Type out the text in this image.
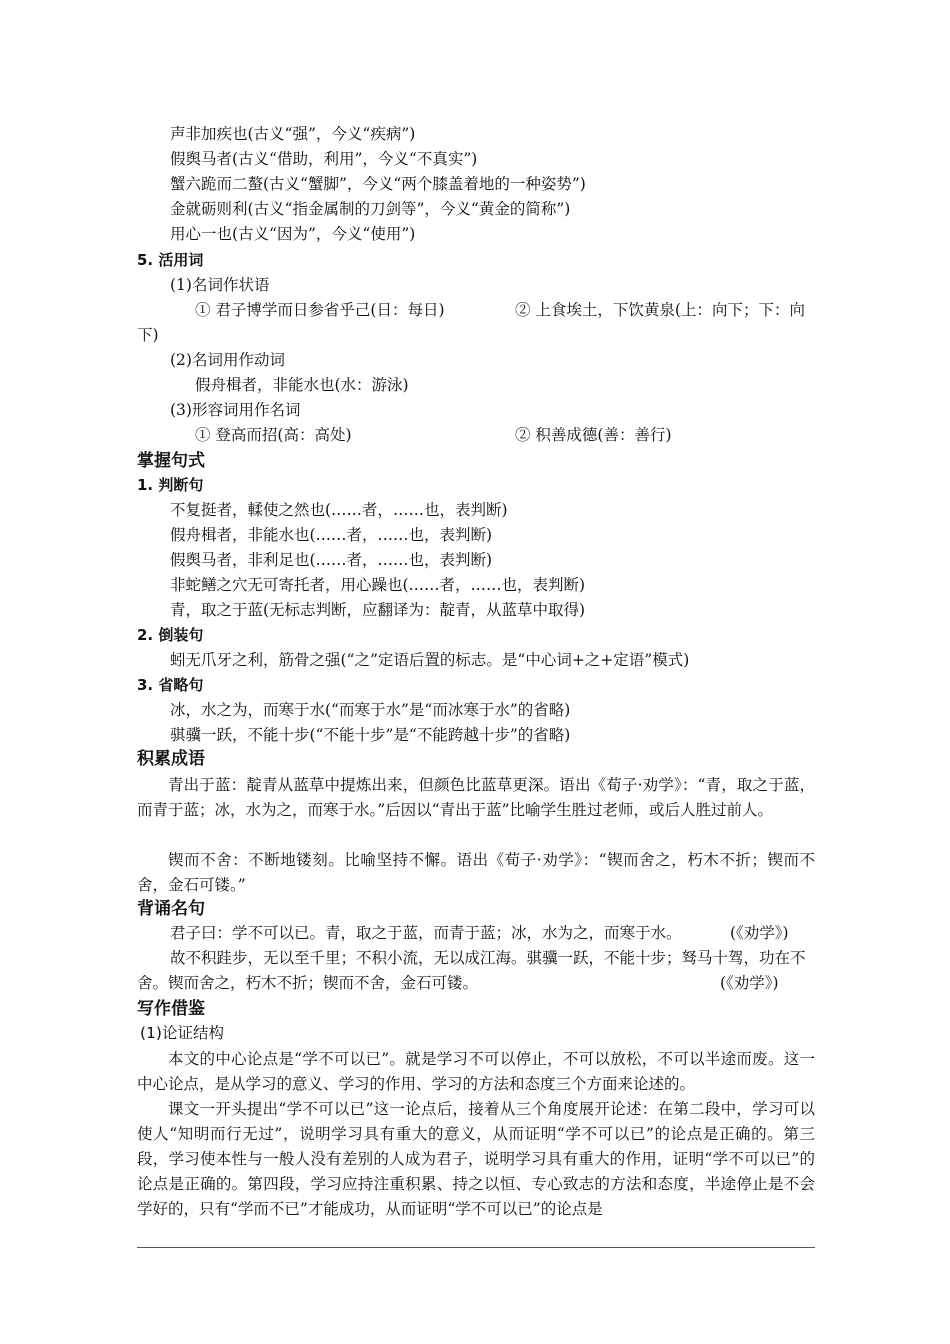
声非加疾也(古义“强”，今义“疾病”)
假舆马者(古义“借助，利用”，今义“不真实”)
蟹六跪而二螯(古义“蟹脚”，今义“两个膝盖着地的一种姿势”)
金就砺则利(古义“指金属制的刀剑等”，今义“黄金的简称”)
用心一也(古义“因为”，今义“使用”)
5. 活用词
(1)名词作状语
① 君子博学而日参省乎己(日：每日)	② 上食埃土，下饮黄泉(上：向下；下：向
下)
(2)名词用作动词
假舟楫者，非能水也(水：游泳)
(3)形容词用作名词
① 登高而招(高：高处)	② 积善成德(善：善行)
掌握句式
1. 判断句
不复挺者，輮使之然也(……者，……也，表判断)
假舟楫者，非能水也(……者，……也，表判断)
假舆马者，非利足也(……者，……也，表判断)
非蛇鳝之穴无可寄托者，用心躁也(……者，……也，表判断)
青，取之于蓝(无标志判断，应翻译为：靛青，从蓝草中取得)
2. 倒装句
蚓无爪牙之利，筋骨之强(“之”定语后置的标志。是“中心词+之+定语”模式)
3. 省略句
冰，水之为，而寒于水(“而寒于水”是“而冰寒于水”的省略)
骐骥一跃，不能十步(“不能十步”是“不能跨越十步”的省略)
积累成语
青出于蓝：靛青从蓝草中提炼出来，但颜色比蓝草更深。语出《荀子·劝学》：“青，取之于蓝，而青于蓝；冰，水为之，而寒于水。”后因以“青出于蓝”比喻学生胜过老师，或后人胜过前人。
锲而不舍：不断地镂刻。比喻坚持不懈。语出《荀子·劝学》：“锲而舍之，朽木不折；锲而不舍，金石可镂。”
背诵名句
君子曰：学不可以已。青，取之于蓝，而青于蓝；冰，水为之，而寒于水。	(《劝学》)
故不积跬步，无以至千里；不积小流，无以成江海。骐骥一跃，不能十步；驽马十驾，功在不
舍。锲而舍之，朽木不折；锲而不舍，金石可镂。	(《劝学》)
写作借鉴
(1)论证结构
本文的中心论点是“学不可以已”。就是学习不可以停止，不可以放松，不可以半途而废。这一中心论点，是从学习的意义、学习的作用、学习的方法和态度三个方面来论述的。
课文一开头提出“学不可以已”这一论点后，接着从三个角度展开论述：在第二段中，学习可以使人“知明而行无过”，说明学习具有重大的意义，从而证明“学不可以已”的论点是正确的。第三段，学习使本性与一般人没有差别的人成为君子，说明学习具有重大的作用，证明“学不可以已”的论点是正确的。第四段，学习应持注重积累、持之以恒、专心致志的方法和态度，半途停止是不会学好的，只有“学而不已”才能成功，从而证明“学不可以已”的论点是
